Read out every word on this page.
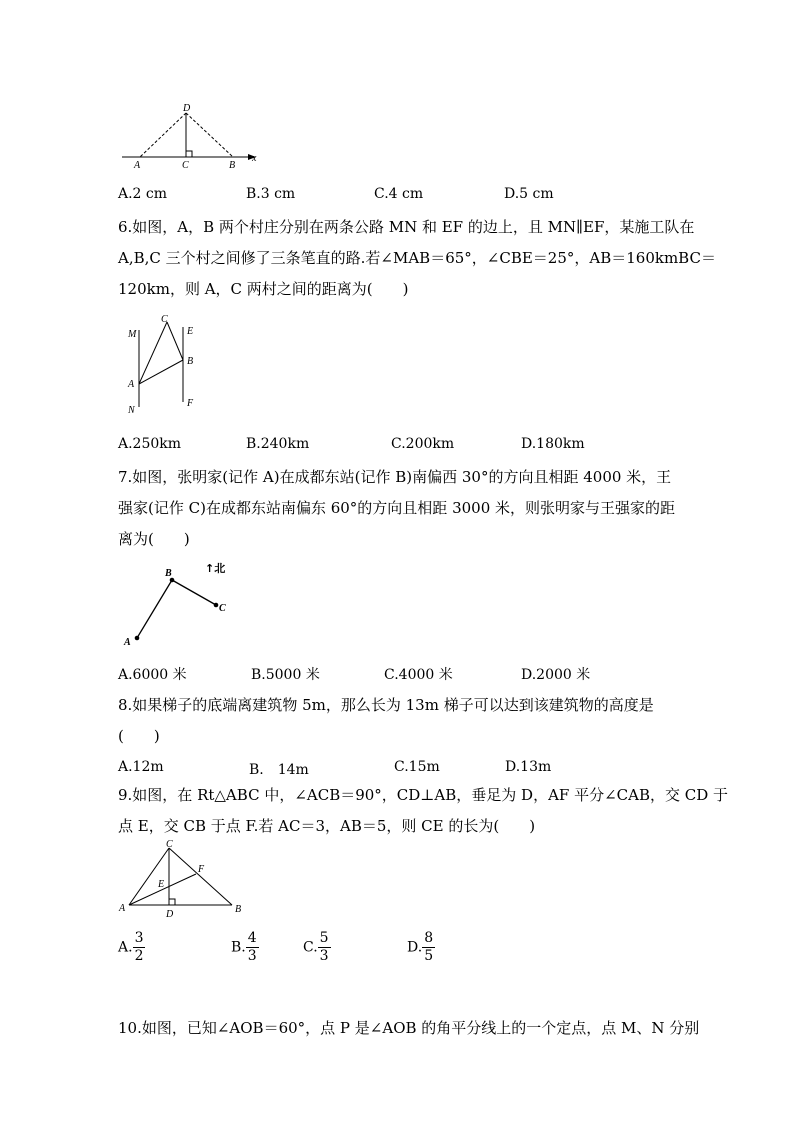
D
A	C	B
x
A.2 cm	B.3 cm	C.4 cm	D.5 cm
6.如图，A，B 两个村庄分别在两条公路 MN 和 EF 的边上，且 MN∥EF，某施工队在
A,B,C 三个村之间修了三条笔直的路.若∠MAB＝65°，∠CBE＝25°，AB＝160kmBC＝
120km，则 A，C 两村之间的距离为(　　)
M
C
E
B
A
N
F
A.250km	B.240km	C.200km	D.180km
7.如图，张明家(记作 A)在成都东站(记作 B)南偏西 30°的方向且相距 4000 米，王
强家(记作 C)在成都东站南偏东 60°的方向且相距 3000 米，则张明家与王强家的距
离为(　　)
B
C
A
↑北
A.6000 米	B.5000 米	C.4000 米	D.2000 米
8.如果梯子的底端离建筑物 5m，那么长为 13m 梯子可以达到该建筑物的高度是
(　　)
A.12m	B.　14m	C.15m	D.13m
9.如图，在 Rt△ABC 中，∠ACB＝90°，CD⊥AB，垂足为 D，AF 平分∠CAB，交 CD 于
点 E，交 CB 于点 F.若 AC＝3，AB＝5，则 CE 的长为(　　)
C
F
E
A
D	B
A. $\frac{3}{2}$	B. $\frac{4}{3}$	C. $\frac{5}{3}$	D. $\frac{8}{5}$
10.如图，已知∠AOB＝60°，点 P 是∠AOB 的角平分线上的一个定点，点 M、N 分别
